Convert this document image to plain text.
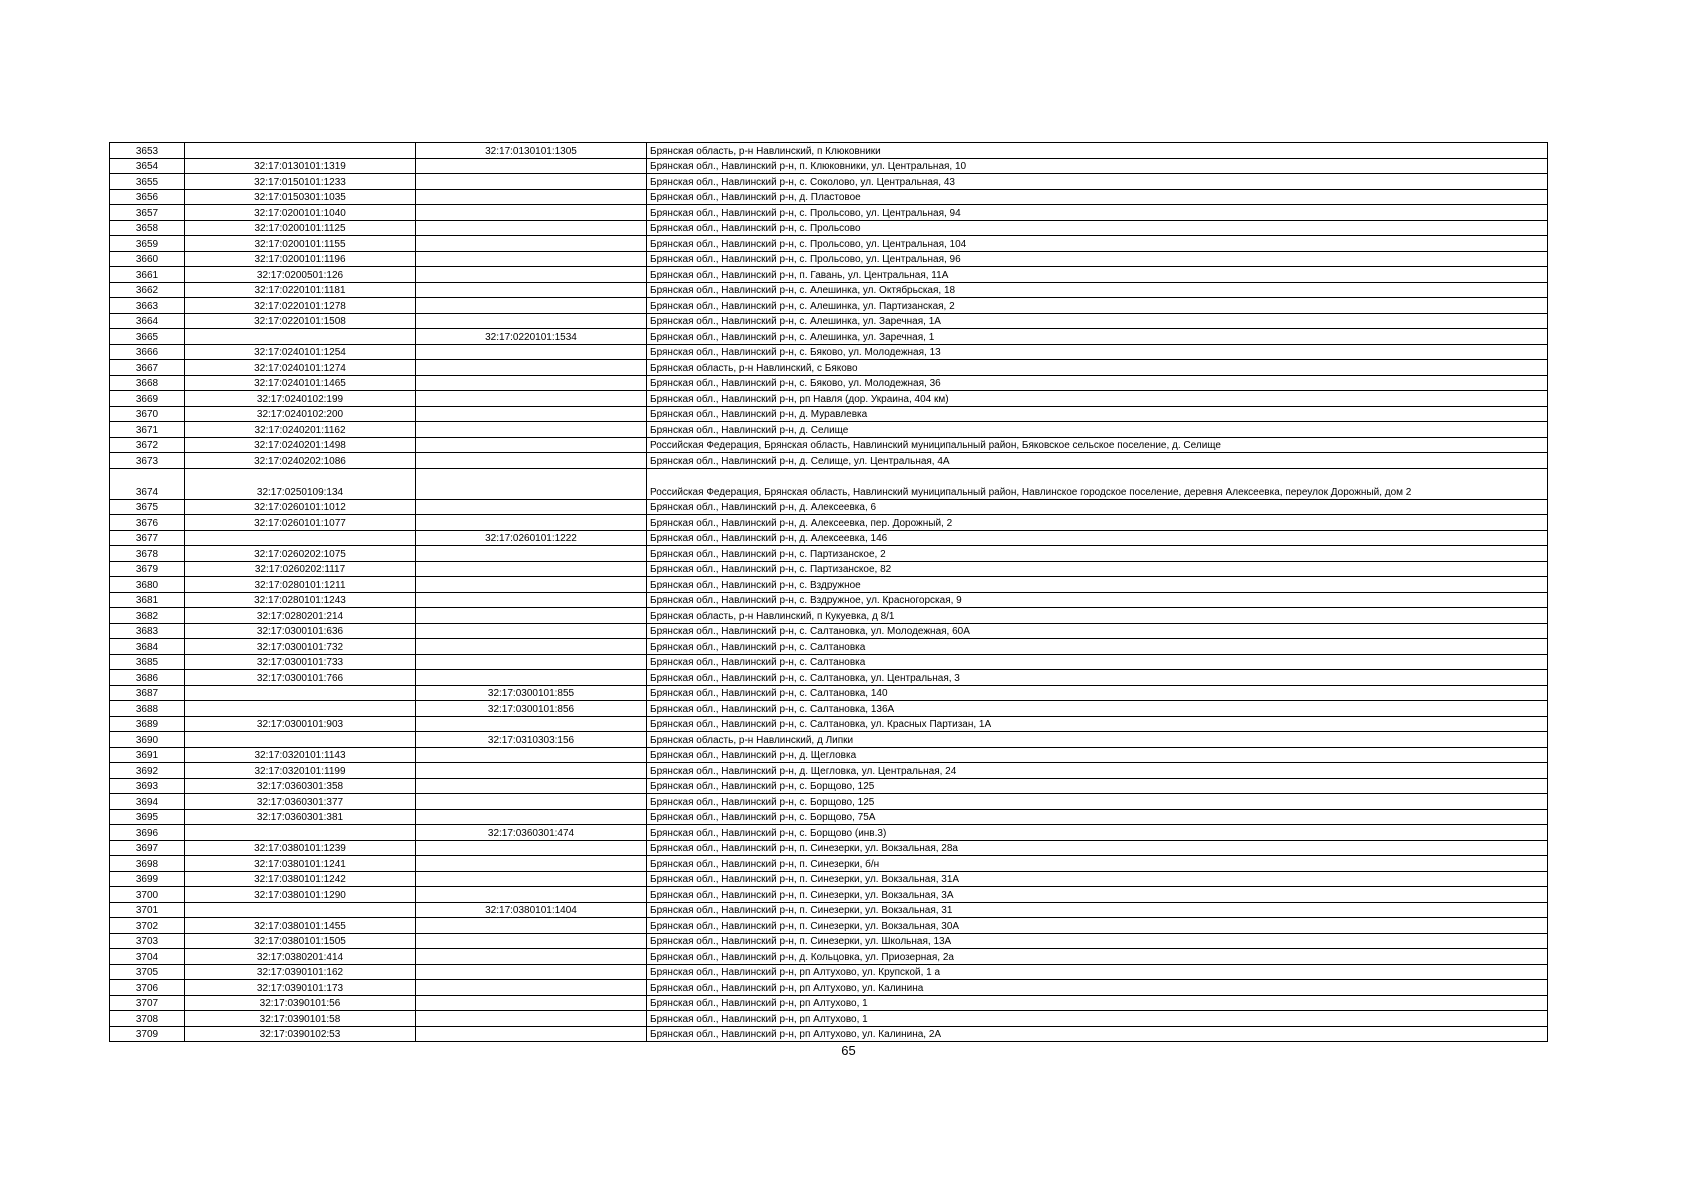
3653		32:17:0130101:1305	Брянская область, р-н Навлинский, п Клюковники
3654	32:17:0130101:1319		Брянская обл., Навлинский р-н, п. Клюковники, ул. Центральная, 10
3655	32:17:0150101:1233		Брянская обл., Навлинский р-н, с. Соколово, ул. Центральная, 43
3656	32:17:0150301:1035		Брянская обл., Навлинский р-н, д. Пластовое
3657	32:17:0200101:1040		Брянская обл., Навлинский р-н, с. Прольсово, ул. Центральная, 94
3658	32:17:0200101:1125		Брянская обл., Навлинский р-н, с. Прольсово
3659	32:17:0200101:1155		Брянская обл., Навлинский р-н, с. Прольсово, ул. Центральная, 104
3660	32:17:0200101:1196		Брянская обл., Навлинский р-н, с. Прольсово, ул. Центральная, 96
3661	32:17:0200501:126		Брянская обл., Навлинский р-н, п. Гавань, ул. Центральная, 11А
3662	32:17:0220101:1181		Брянская обл., Навлинский р-н, с. Алешинка, ул. Октябрьская, 18
3663	32:17:0220101:1278		Брянская обл., Навлинский р-н, с. Алешинка, ул. Партизанская, 2
3664	32:17:0220101:1508		Брянская обл., Навлинский р-н, с. Алешинка, ул. Заречная, 1А
3665		32:17:0220101:1534	Брянская обл., Навлинский р-н, с. Алешинка, ул. Заречная, 1
3666	32:17:0240101:1254		Брянская обл., Навлинский р-н, с. Бяково, ул. Молодежная, 13
3667	32:17:0240101:1274		Брянская область, р-н Навлинский, с Бяково
3668	32:17:0240101:1465		Брянская обл., Навлинский р-н, с. Бяково, ул. Молодежная, 36
3669	32:17:0240102:199		Брянская обл., Навлинский р-н, рп Навля (дор. Украина, 404 км)
3670	32:17:0240102:200		Брянская обл., Навлинский р-н, д. Муравлевка
3671	32:17:0240201:1162		Брянская обл., Навлинский р-н, д. Селище
3672	32:17:0240201:1498		Российская Федерация, Брянская область, Навлинский муниципальный район, Бяковское сельское поселение, д. Селище
3673	32:17:0240202:1086		Брянская обл., Навлинский р-н, д. Селище, ул. Центральная, 4А
3674	32:17:0250109:134		Российская Федерация, Брянская область, Навлинский муниципальный район, Навлинское городское поселение, деревня Алексеевка, переулок Дорожный, дом 2
3675	32:17:0260101:1012		Брянская обл., Навлинский р-н, д. Алексеевка, 6
3676	32:17:0260101:1077		Брянская обл., Навлинский р-н, д. Алексеевка, пер. Дорожный, 2
3677		32:17:0260101:1222	Брянская обл., Навлинский р-н, д. Алексеевка, 146
3678	32:17:0260202:1075		Брянская обл., Навлинский р-н, с. Партизанское, 2
3679	32:17:0260202:1117		Брянская обл., Навлинский р-н, с. Партизанское, 82
3680	32:17:0280101:1211		Брянская обл., Навлинский р-н, с. Вздружное
3681	32:17:0280101:1243		Брянская обл., Навлинский р-н, с. Вздружное, ул. Красногорская, 9
3682	32:17:0280201:214		Брянская область, р-н Навлинский, п Кукуевка, д 8/1
3683	32:17:0300101:636		Брянская обл., Навлинский р-н, с. Салтановка, ул. Молодежная, 60А
3684	32:17:0300101:732		Брянская обл., Навлинский р-н, с. Салтановка
3685	32:17:0300101:733		Брянская обл., Навлинский р-н, с. Салтановка
3686	32:17:0300101:766		Брянская обл., Навлинский р-н, с. Салтановка, ул. Центральная, 3
3687		32:17:0300101:855	Брянская обл., Навлинский р-н, с. Салтановка, 140
3688		32:17:0300101:856	Брянская обл., Навлинский р-н, с. Салтановка, 136А
3689	32:17:0300101:903		Брянская обл., Навлинский р-н, с. Салтановка, ул. Красных Партизан, 1А
3690		32:17:0310303:156	Брянская область, р-н Навлинский, д Липки
3691	32:17:0320101:1143		Брянская обл., Навлинский р-н, д. Щегловка
3692	32:17:0320101:1199		Брянская обл., Навлинский р-н, д. Щегловка, ул. Центральная, 24
3693	32:17:0360301:358		Брянская обл., Навлинский р-н, с. Борщово, 125
3694	32:17:0360301:377		Брянская обл., Навлинский р-н, с. Борщово, 125
3695	32:17:0360301:381		Брянская обл., Навлинский р-н, с. Борщово, 75А
3696		32:17:0360301:474	Брянская обл., Навлинский р-н, с. Борщово (инв.3)
3697	32:17:0380101:1239		Брянская обл., Навлинский р-н, п. Синезерки, ул. Вокзальная, 28а
3698	32:17:0380101:1241		Брянская обл., Навлинский р-н, п. Синезерки, б/н
3699	32:17:0380101:1242		Брянская обл., Навлинский р-н, п. Синезерки, ул. Вокзальная, 31А
3700	32:17:0380101:1290		Брянская обл., Навлинский р-н, п. Синезерки, ул. Вокзальная, 3А
3701		32:17:0380101:1404	Брянская обл., Навлинский р-н, п. Синезерки, ул. Вокзальная, 31
3702	32:17:0380101:1455		Брянская обл., Навлинский р-н, п. Синезерки, ул. Вокзальная, 30А
3703	32:17:0380101:1505		Брянская обл., Навлинский р-н, п. Синезерки, ул. Школьная, 13А
3704	32:17:0380201:414		Брянская обл., Навлинский р-н, д. Кольцовка, ул. Приозерная, 2а
3705	32:17:0390101:162		Брянская обл., Навлинский р-н, рп Алтухово, ул. Крупской, 1 а
3706	32:17:0390101:173		Брянская обл., Навлинский р-н, рп Алтухово, ул. Калинина
3707	32:17:0390101:56		Брянская обл., Навлинский р-н, рп Алтухово, 1
3708	32:17:0390101:58		Брянская обл., Навлинский р-н, рп Алтухово, 1
3709	32:17:0390102:53		Брянская обл., Навлинский р-н, рп Алтухово, ул. Калинина, 2А
65
